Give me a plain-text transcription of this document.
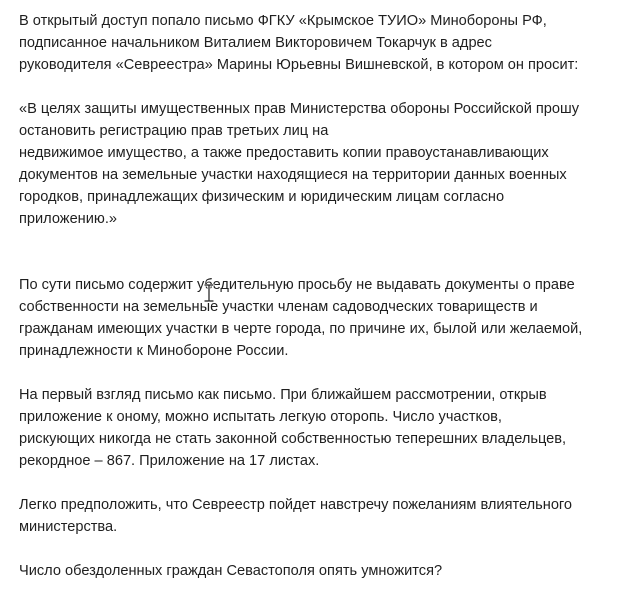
В открытый доступ попало письмо ФГКУ «Крымское ТУИО» Минобороны РФ,
подписанное начальником Виталием Викторовичем Токарчук в адрес
руководителя «Севреестра» Марины Юрьевны Вишневской, в котором он просит:

«В целях защиты имущественных прав Министерства обороны Российской прошу
остановить регистрацию прав третьих лиц на
недвижимое имущество, а также предоставить копии правоустанавливающих
документов на земельные участки находящиеся на территории данных военных
городков, принадлежащих физическим и юридическим лицам согласно
приложению.»

По сути письмо содержит убедительную просьбу не выдавать документы о праве
собственности на земельные участки членам садоводческих товариществ и
гражданам имеющих участки в черте города, по причине их, былой или желаемой,
принадлежности к Минобороне России.

На первый взгляд письмо как письмо. При ближайшем рассмотрении, открыв
приложение к оному, можно испытать легкую оторопь. Число участков,
рискующих никогда не стать законной собственностью теперешних владельцев,
рекордное – 867. Приложение на 17 листах.

Легко предположить, что Севреестр пойдет навстречу пожеланиям влиятельного
министерства.

Число обездоленных граждан Севастополя опять умножится?
